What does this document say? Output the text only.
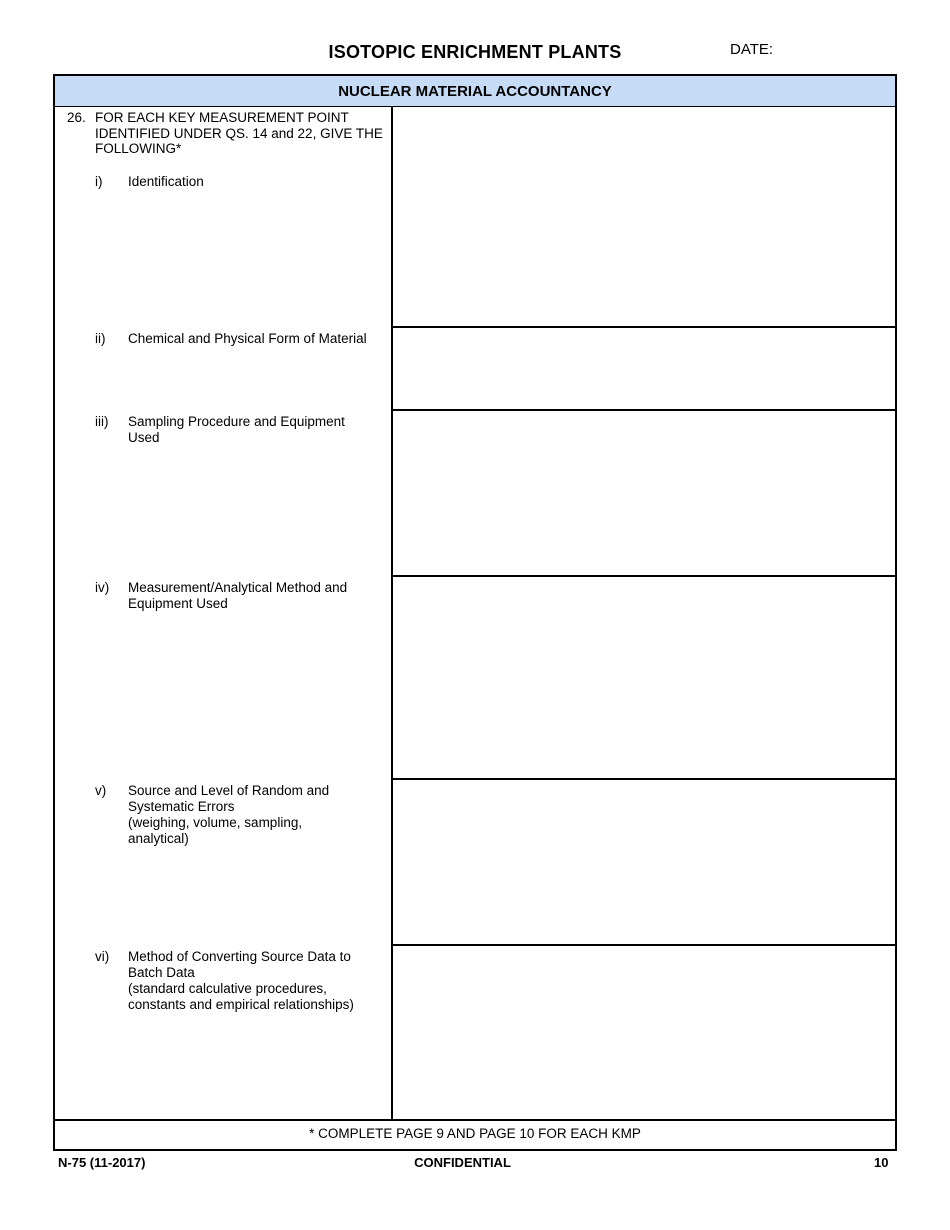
ISOTOPIC ENRICHMENT PLANTS	DATE:
NUCLEAR MATERIAL ACCOUNTANCY
26. FOR EACH KEY MEASUREMENT POINT IDENTIFIED UNDER QS. 14 and 22, GIVE THE FOLLOWING*
i) Identification
ii) Chemical and Physical Form of Material
iii) Sampling Procedure and Equipment Used
iv) Measurement/Analytical Method and Equipment Used
v) Source and Level of Random and Systematic Errors
(weighing, volume, sampling, analytical)
vi) Method of Converting Source Data to Batch Data
(standard calculative procedures, constants and empirical relationships)
* COMPLETE PAGE 9 AND PAGE 10 FOR EACH KMP
N-75 (11-2017)	CONFIDENTIAL	10
